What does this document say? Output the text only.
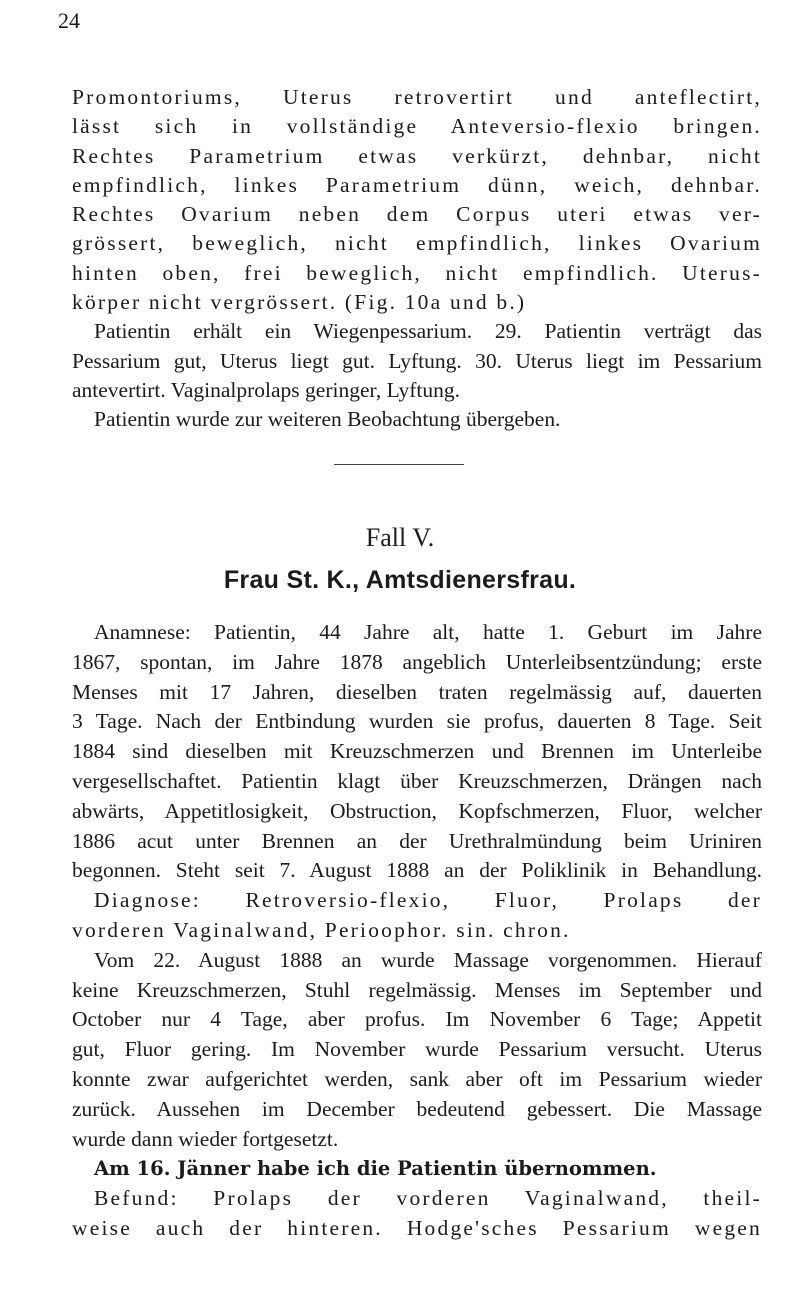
24
Promontoriums, Uterus retrovertirt und anteflectirt,
lässt sich in vollständige Anteversio-flexio bringen.
Rechtes Parametrium etwas verkürzt, dehnbar, nicht
empfindlich, linkes Parametrium dünn, weich, dehnbar.
Rechtes Ovarium neben dem Corpus uteri etwas ver-
grössert, beweglich, nicht empfindlich, linkes Ovarium
hinten oben, frei beweglich, nicht empfindlich. Uterus-
körper nicht vergrössert. (Fig. 10a und b.)
Patientin erhält ein Wiegenpessarium. 29. Patientin verträgt das
Pessarium gut, Uterus liegt gut. Lyftung. 30. Uterus liegt im Pessarium
antevertirt. Vaginalprolaps geringer, Lyftung.
Patientin wurde zur weiteren Beobachtung übergeben.
Fall V.
Frau St. K., Amtsdienersfrau.
Anamnese: Patientin, 44 Jahre alt, hatte 1. Geburt im Jahre
1867, spontan, im Jahre 1878 angeblich Unterleibsentzündung; erste
Menses mit 17 Jahren, dieselben traten regelmässig auf, dauerten
3 Tage. Nach der Entbindung wurden sie profus, dauerten 8 Tage. Seit
1884 sind dieselben mit Kreuzschmerzen und Brennen im Unterleibe
vergesellschaftet. Patientin klagt über Kreuzschmerzen, Drängen nach
abwärts, Appetitlosigkeit, Obstruction, Kopfschmerzen, Fluor, welcher
1886 acut unter Brennen an der Urethralmündung beim Uriniren
begonnen. Steht seit 7. August 1888 an der Poliklinik in Behandlung.
Diagnose: Retroversio-flexio, Fluor, Prolaps der
vorderen Vaginalwand, Perioophor. sin. chron.
Vom 22. August 1888 an wurde Massage vorgenommen. Hierauf
keine Kreuzschmerzen, Stuhl regelmässig. Menses im September und
October nur 4 Tage, aber profus. Im November 6 Tage; Appetit
gut, Fluor gering. Im November wurde Pessarium versucht. Uterus
konnte zwar aufgerichtet werden, sank aber oft im Pessarium wieder
zurück. Aussehen im December bedeutend gebessert. Die Massage
wurde dann wieder fortgesetzt.
Am 16. Jänner habe ich die Patientin übernommen.
Befund: Prolaps der vorderen Vaginalwand, theil-
weise auch der hinteren. Hodge'sches Pessarium wegen
